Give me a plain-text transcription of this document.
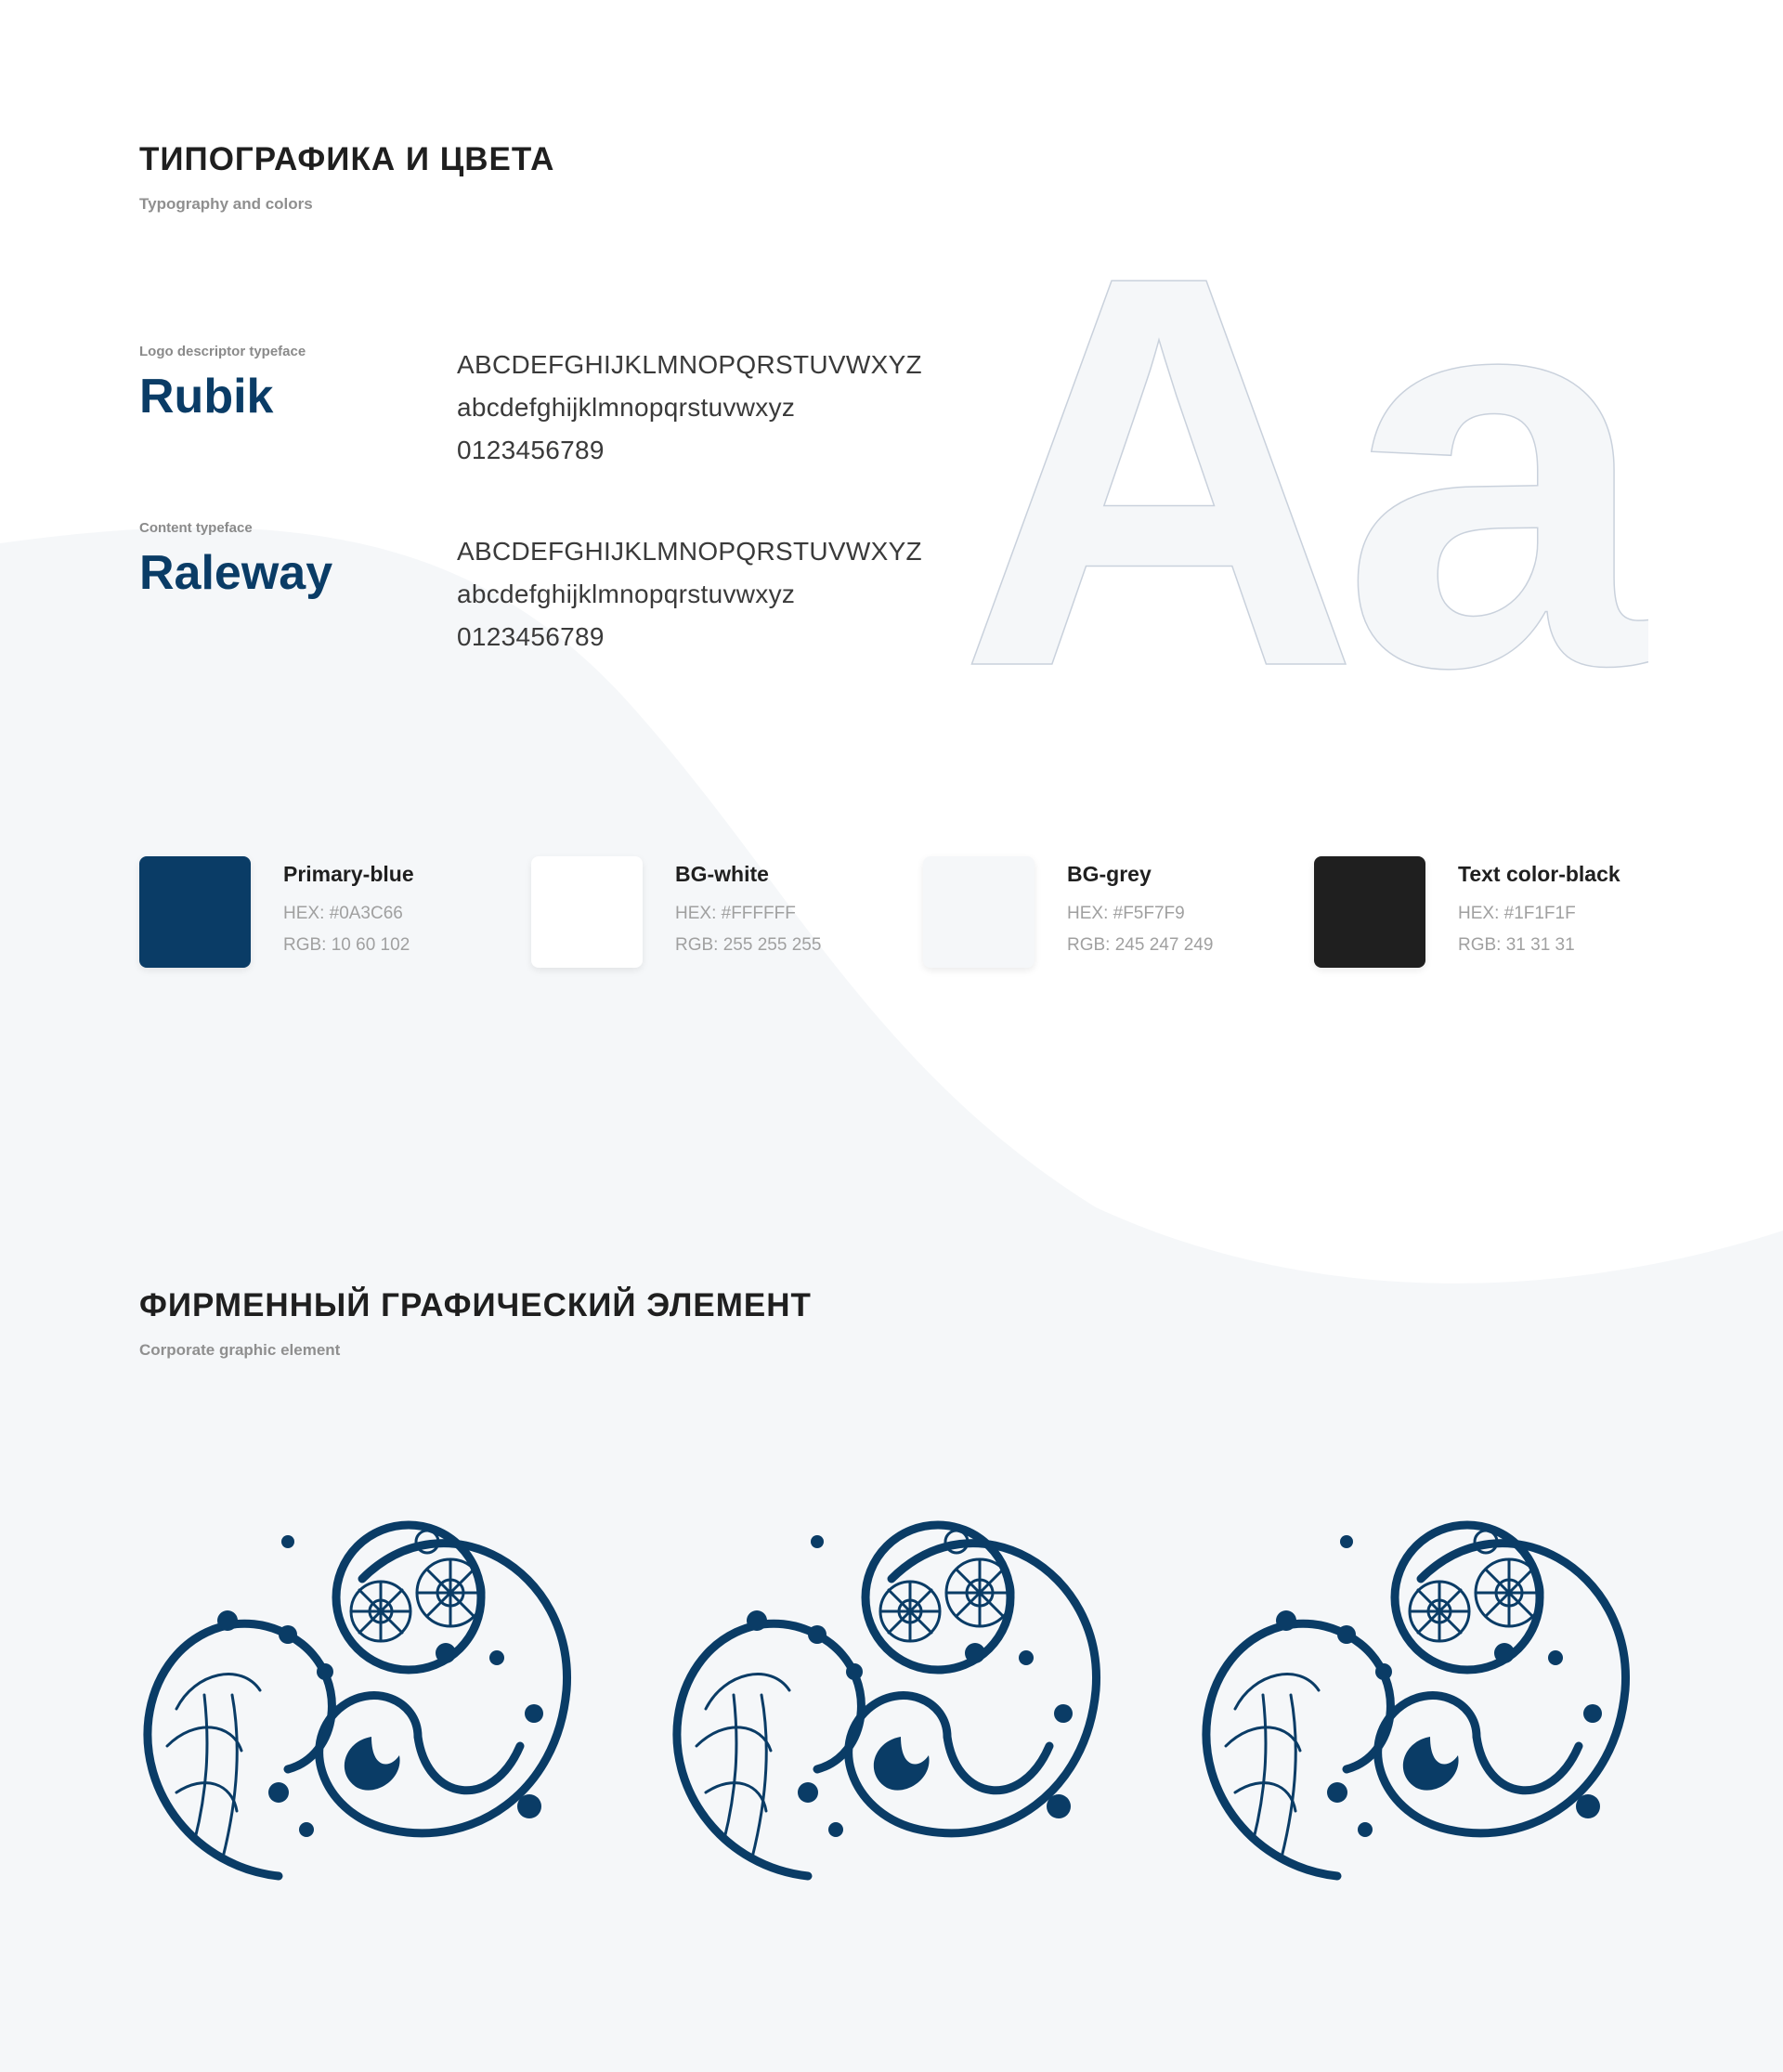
ТИПОГРАФИКА И ЦВЕТА

Typography and colors

Logo descriptor typeface
Rubik
ABCDEFGHIJKLMNOPQRSTUVWXYZ
abcdefghijklmnopqrstuvwxyz
0123456789
Content typeface
Raleway	ABCDEFGHIJKLMNOPQRSTUVWXYZ
abcdefghijklmnopqrstuvwxyz
0123456789 Aa
Primary-blue
HEX: #0A3C66
RGB: 10 60 102
BG-white
HEX: #FFFFFF
RGB: 255 255 255
BG-grey
HEX: #F5F7F9
RGB: 245 247 249
Text color-black
HEX: #1F1F1F
RGB: 31 31 31
ФИРМЕННЫЙ ГРАФИЧЕСКИЙ ЭЛЕМЕНТ

Corporate graphic element
